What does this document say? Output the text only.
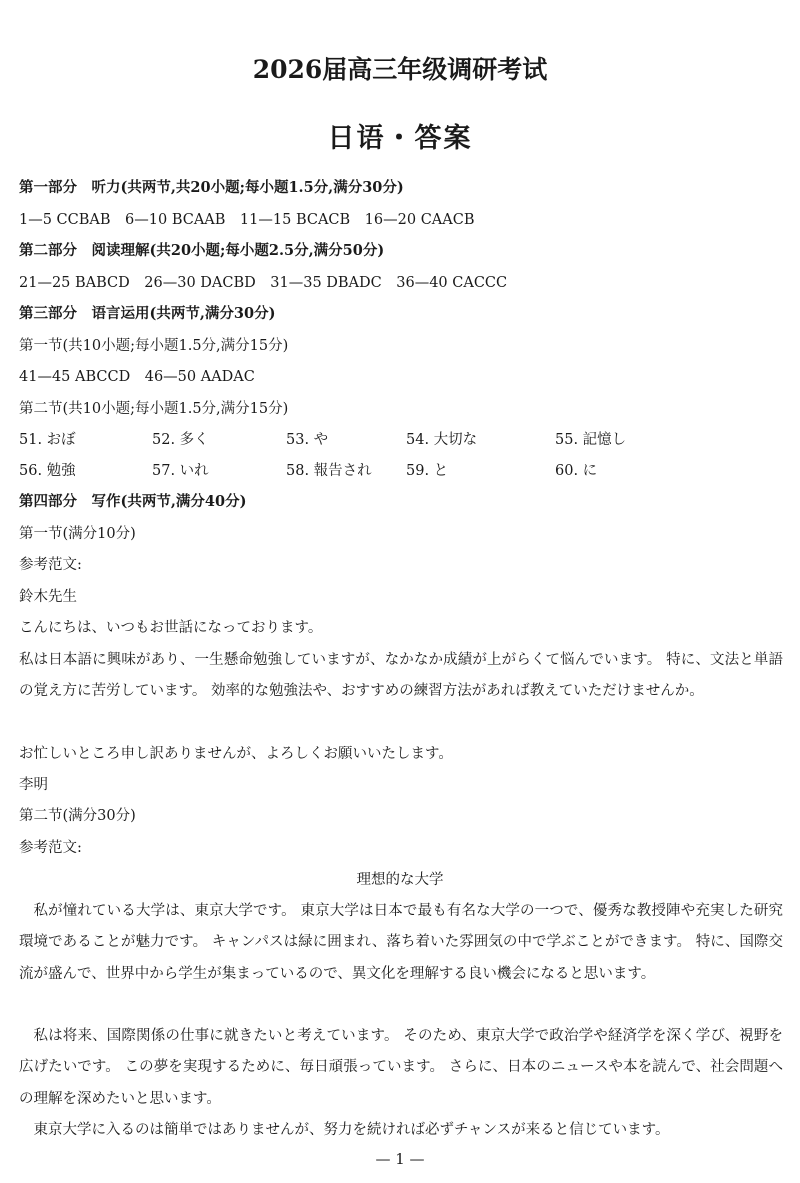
2026届高三年级调研考试
日语・答案
第一部分　听力(共两节,共20小题;每小题1.5分,满分30分)
1—5 CCBAB　6—10 BCAAB　11—15 BCACB　16—20 CAACB
第二部分　阅读理解(共20小题;每小题2.5分,满分50分)
21—25 BABCD　26—30 DACBD　31—35 DBADC　36—40 CACCC
第三部分　语言运用(共两节,满分30分)
第一节(共10小题;每小题1.5分,满分15分)
41—45 ABCCD　46—50 AADAC
第二节(共10小题;每小题1.5分,满分15分)
51. おぼ	52. 多く	53. や	54. 大切な	55. 記憶し
56. 勉強	57. いれ	58. 報告され 59. と	60. に
第四部分　写作(共两节,满分40分)
第一节(满分10分)
参考范文:
鈴木先生
こんにちは、いつもお世話になっております。
私は日本語に興味があり、一生懸命勉強していますが、なかなか成績が上がらくて悩んでいます。 特に、文法と単語の覚え方に苦労しています。 効率的な勉強法や、おすすめの練習方法があれば教えていただけませんか。
お忙しいところ申し訳ありませんが、よろしくお願いいたします。
李明
第二节(满分30分)
参考范文:
理想的な大学
私が憧れている大学は、東京大学です。 東京大学は日本で最も有名な大学の一つで、優秀な教授陣や充実した研究環境であることが魅力です。 キャンパスは緑に囲まれ、落ち着いた雰囲気の中で学ぶことができます。 特に、国際交流が盛んで、世界中から学生が集まっているので、異文化を理解する良い機会になると思います。
私は将来、国際関係の仕事に就きたいと考えています。 そのため、東京大学で政治学や経済学を深く学び、視野を広げたいです。 この夢を実現するために、毎日頑張っています。 さらに、日本のニュースや本を読んで、社会問題への理解を深めたいと思います。
東京大学に入るのは簡単ではありませんが、努力を続ければ必ずチャンスが来ると信じています。
— 1 —
